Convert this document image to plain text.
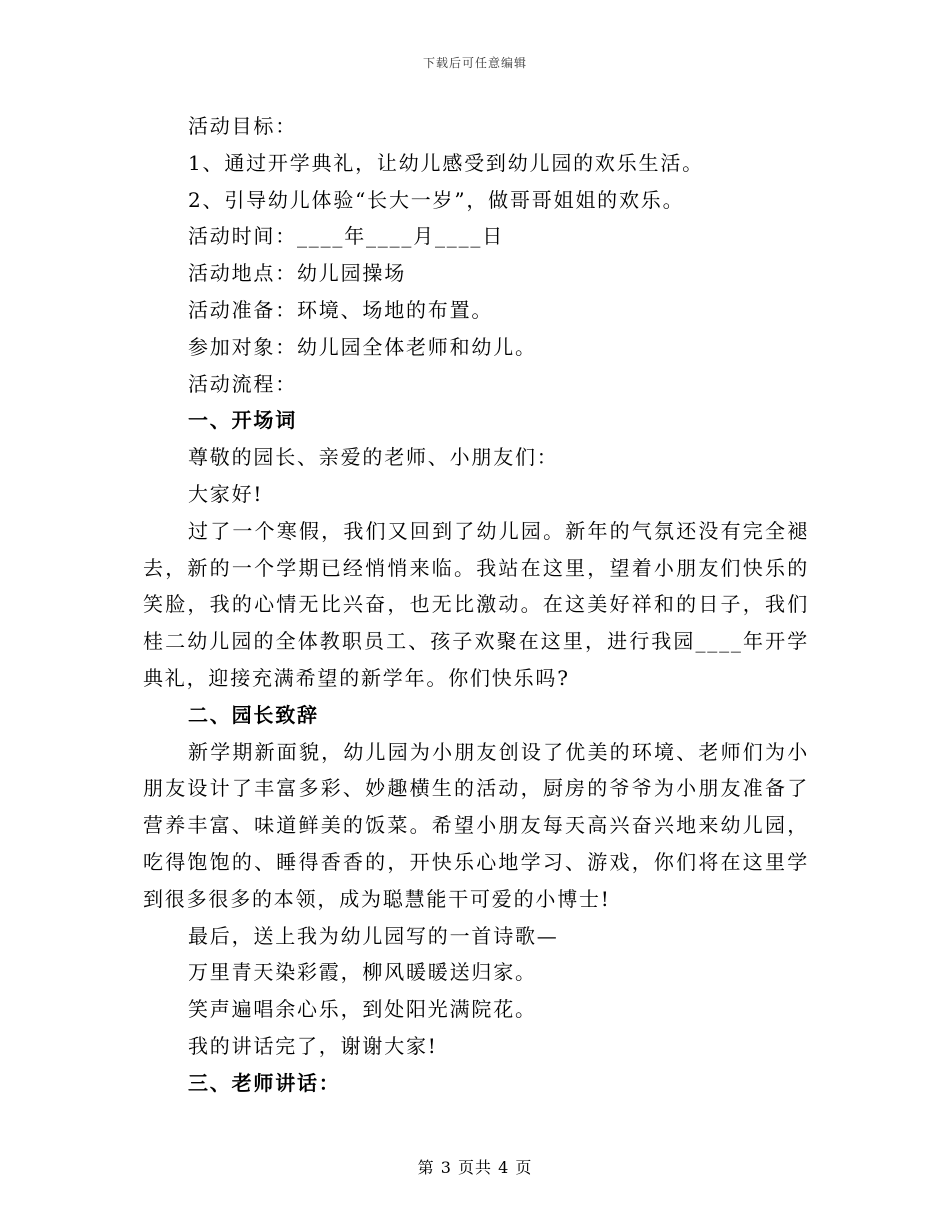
下载后可任意编辑
活动目标：
1、通过开学典礼，让幼儿感受到幼儿园的欢乐生活。
2、引导幼儿体验“长大一岁”，做哥哥姐姐的欢乐。
活动时间：____年____月____日
活动地点：幼儿园操场
活动准备：环境、场地的布置。
参加对象：幼儿园全体老师和幼儿。
活动流程：
一、开场词
尊敬的园长、亲爱的老师、小朋友们：
大家好!

过了一个寒假，我们又回到了幼儿园。新年的气氛还没有完全褪去，新的一个学期已经悄悄来临。我站在这里，望着小朋友们快乐的笑脸，我的心情无比兴奋，也无比激动。在这美好祥和的日子，我们桂二幼儿园的全体教职员工、孩子欢聚在这里，进行我园____年开学典礼，迎接充满希望的新学年。你们快乐吗?

二、园长致辞

新学期新面貌，幼儿园为小朋友创设了优美的环境、老师们为小朋友设计了丰富多彩、妙趣横生的活动，厨房的爷爷为小朋友准备了营养丰富、味道鲜美的饭菜。希望小朋友每天高兴奋兴地来幼儿园，吃得饱饱的、睡得香香的，开快乐心地学习、游戏，你们将在这里学到很多很多的本领，成为聪慧能干可爱的小博士!

最后，送上我为幼儿园写的一首诗歌—
万里青天染彩霞，柳风暖暖送归家。
笑声遍唱余心乐，到处阳光满院花。
我的讲话完了，谢谢大家!
三、老师讲话：
第 3 页共 4 页
